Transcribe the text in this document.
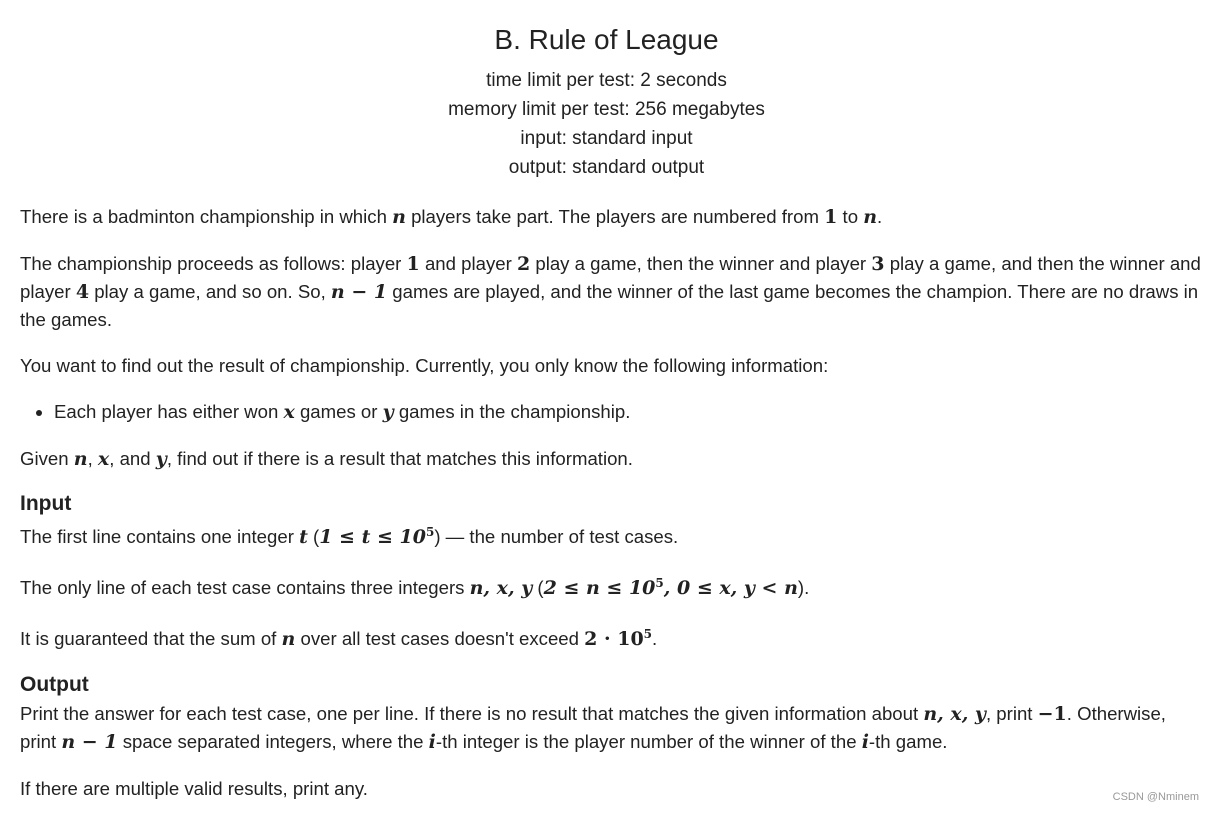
B. Rule of League
time limit per test: 2 seconds
memory limit per test: 256 megabytes
input: standard input
output: standard output

There is a badminton championship in which n players take part. The players are numbered from 1 to n.

The championship proceeds as follows: player 1 and player 2 play a game, then the winner and player 3 play a game, and then the winner and player 4 play a game, and so on. So, n − 1 games are played, and the winner of the last game becomes the champion. There are no draws in the games.

You want to find out the result of championship. Currently, you only know the following information:

• Each player has either won x games or y games in the championship.

Given n, x, and y, find out if there is a result that matches this information.

Input

The first line contains one integer t $(1 \le t \le 10^5)$ — the number of test cases.

The only line of each test case contains three integers n, x, y ($2 \le n \le 10^5$, 0 ≤ x, y < n).

It is guaranteed that the sum of n over all test cases doesn't exceed $2 \cdot 10^5$.

Output

Print the answer for each test case, one per line. If there is no result that matches the given information about n, x, y, print −1. Otherwise, print n − 1 space separated integers, where the i-th integer is the player number of the winner of the i-th game.

If there are multiple valid results, print any.	CSDN @Nminem
